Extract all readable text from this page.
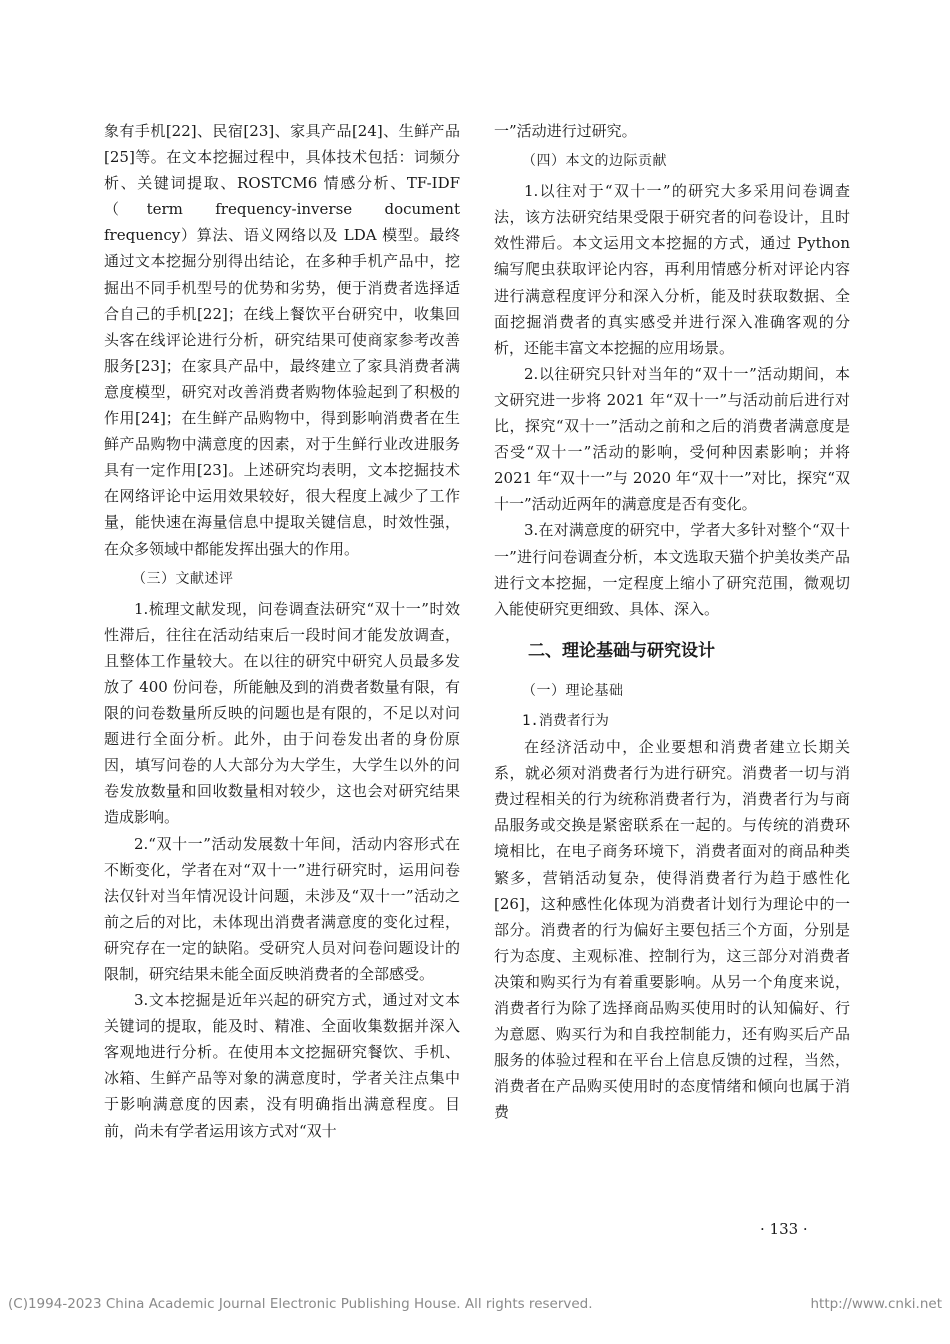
象有手机[22]、民宿[23]、家具产品[24]、生鲜产品[25]等。在文本挖掘过程中，具体技术包括：词频分析、关键词提取、ROSTCM6 情感分析、TF-IDF（term frequency-inverse document frequency）算法、语义网络以及 LDA 模型。最终通过文本挖掘分别得出结论，在多种手机产品中，挖掘出不同手机型号的优势和劣势，便于消费者选择适合自己的手机[22]；在线上餐饮平台研究中，收集回头客在线评论进行分析，研究结果可使商家参考改善服务[23]；在家具产品中，最终建立了家具消费者满意度模型，研究对改善消费者购物体验起到了积极的作用[24]；在生鲜产品购物中，得到影响消费者在生鲜产品购物中满意度的因素，对于生鲜行业改进服务具有一定作用[23]。上述研究均表明，文本挖掘技术在网络评论中运用效果较好，很大程度上减少了工作量，能快速在海量信息中提取关键信息，时效性强，在众多领域中都能发挥出强大的作用。

（三）文献述评

1.梳理文献发现，问卷调查法研究“双十一”时效性滞后，往往在活动结束后一段时间才能发放调查，且整体工作量较大。在以往的研究中研究人员最多发放了 400 份问卷，所能触及到的消费者数量有限，有限的问卷数量所反映的问题也是有限的，不足以对问题进行全面分析。此外，由于问卷发出者的身份原因，填写问卷的人大部分为大学生，大学生以外的问卷发放数量和回收数量相对较少，这也会对研究结果造成影响。

2.“双十一”活动发展数十年间，活动内容形式在不断变化，学者在对“双十一”进行研究时，运用问卷法仅针对当年情况设计问题，未涉及“双十一”活动之前之后的对比，未体现出消费者满意度的变化过程，研究存在一定的缺陷。受研究人员对问卷问题设计的限制，研究结果未能全面反映消费者的全部感受。

3.文本挖掘是近年兴起的研究方式，通过对文本关键词的提取，能及时、精准、全面收集数据并深入客观地进行分析。在使用本文挖掘研究餐饮、手机、冰箱、生鲜产品等对象的满意度时，学者关注点集中于影响满意度的因素，没有明确指出满意程度。目前，尚未有学者运用该方式对“双十

一”活动进行过研究。

（四）本文的边际贡献

1.以往对于“双十一”的研究大多采用问卷调查法，该方法研究结果受限于研究者的问卷设计，且时效性滞后。本文运用文本挖掘的方式，通过 Python 编写爬虫获取评论内容，再利用情感分析对评论内容进行满意程度评分和深入分析，能及时获取数据、全面挖掘消费者的真实感受并进行深入准确客观的分析，还能丰富文本挖掘的应用场景。

2.以往研究只针对当年的“双十一”活动期间，本文研究进一步将 2021 年“双十一”与活动前后进行对比，探究“双十一”活动之前和之后的消费者满意度是否受“双十一”活动的影响，受何种因素影响；并将 2021 年“双十一”与 2020 年“双十一”对比，探究“双十一”活动近两年的满意度是否有变化。

3.在对满意度的研究中，学者大多针对整个“双十一”进行问卷调查分析，本文选取天猫个护美妆类产品进行文本挖掘，一定程度上缩小了研究范围，微观切入能使研究更细致、具体、深入。

二、理论基础与研究设计

（一）理论基础

1.消费者行为

在经济活动中，企业要想和消费者建立长期关系，就必须对消费者行为进行研究。消费者一切与消费过程相关的行为统称消费者行为，消费者行为与商品服务或交换是紧密联系在一起的。与传统的消费环境相比，在电子商务环境下，消费者面对的商品种类繁多，营销活动复杂，使得消费者行为趋于感性化[26]，这种感性化体现为消费者计划行为理论中的一部分。消费者的行为偏好主要包括三个方面，分别是行为态度、主观标准、控制行为，这三部分对消费者决策和购买行为有着重要影响。从另一个角度来说，消费者行为除了选择商品购买使用时的认知偏好、行为意愿、购买行为和自我控制能力，还有购买后产品服务的体验过程和在平台上信息反馈的过程，当然，消费者在产品购买使用时的态度情绪和倾向也属于消费

· 133 ·
(C)1994-2023 China Academic Journal Electronic Publishing House. All rights reserved.	http://www.cnki.net
